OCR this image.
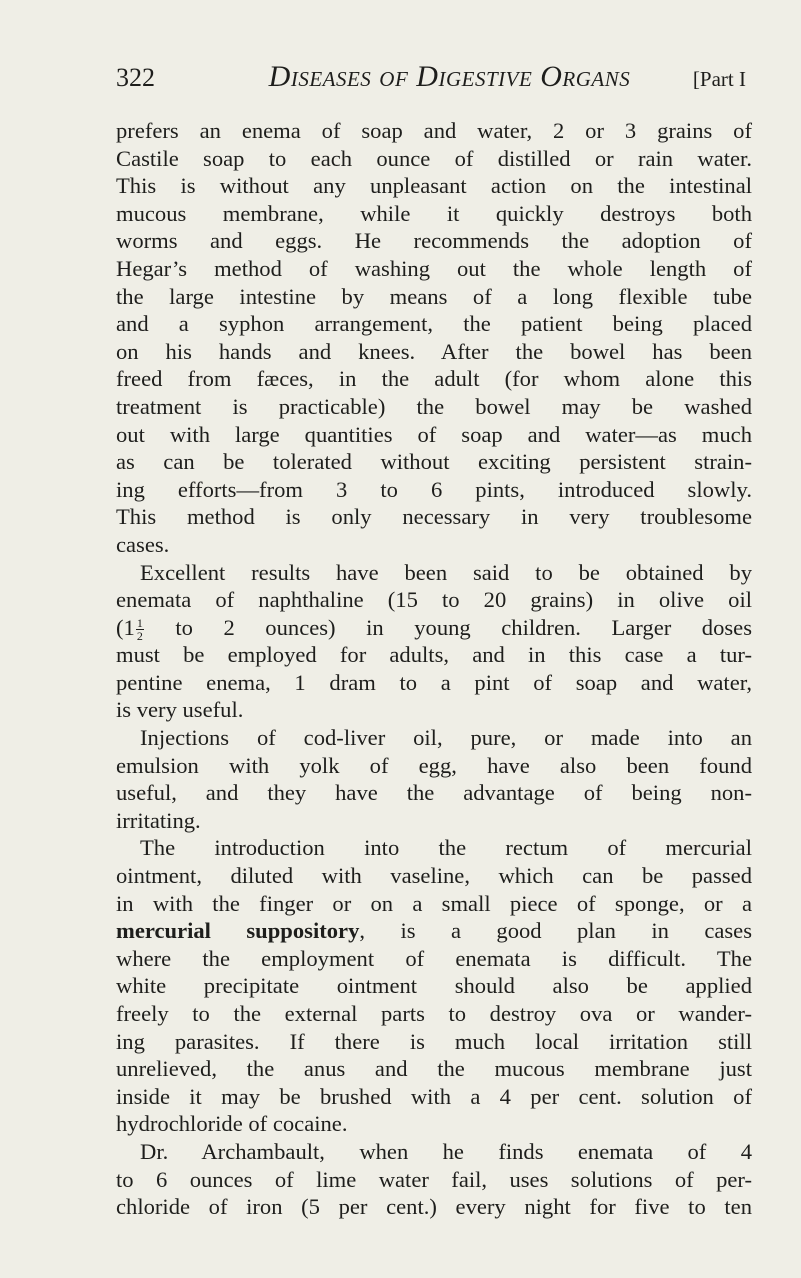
322	Diseases of Digestive Organs	[Part I
prefers an enema of soap and water, 2 or 3 grains of
Castile soap to each ounce of distilled or rain water.
This is without any unpleasant action on the intestinal
mucous membrane, while it quickly destroys both
worms and eggs. He recommends the adoption of
Hegar’s method of washing out the whole length of
the large intestine by means of a long flexible tube
and a syphon arrangement, the patient being placed
on his hands and knees. After the bowel has been
freed from fæces, in the adult (for whom alone this
treatment is practicable) the bowel may be washed
out with large quantities of soap and water—as much
as can be tolerated without exciting persistent strain-
ing efforts—from 3 to 6 pints, introduced slowly.
This method is only necessary in very troublesome
cases.
Excellent results have been said to be obtained by
enemata of naphthaline (15 to 20 grains) in olive oil
($1 \frac{1}{2}$ to 2 ounces) in young children. Larger doses
must be employed for adults, and in this case a tur-
pentine enema, 1 dram to a pint of soap and water,
is very useful.
Injections of cod-liver oil, pure, or made into an
emulsion with yolk of egg, have also been found
useful, and they have the advantage of being non-
irritating.
The introduction into the rectum of mercurial
ointment, diluted with vaseline, which can be passed
in with the finger or on a small piece of sponge, or a
mercurial suppository, is a good plan in cases
where the employment of enemata is difficult. The
white precipitate ointment should also be applied
freely to the external parts to destroy ova or wander-
ing parasites. If there is much local irritation still
unrelieved, the anus and the mucous membrane just
inside it may be brushed with a 4 per cent. solution of
hydrochloride of cocaine.
Dr. Archambault, when he finds enemata of 4
to 6 ounces of lime water fail, uses solutions of per-
chloride of iron (5 per cent.) every night for five to ten
